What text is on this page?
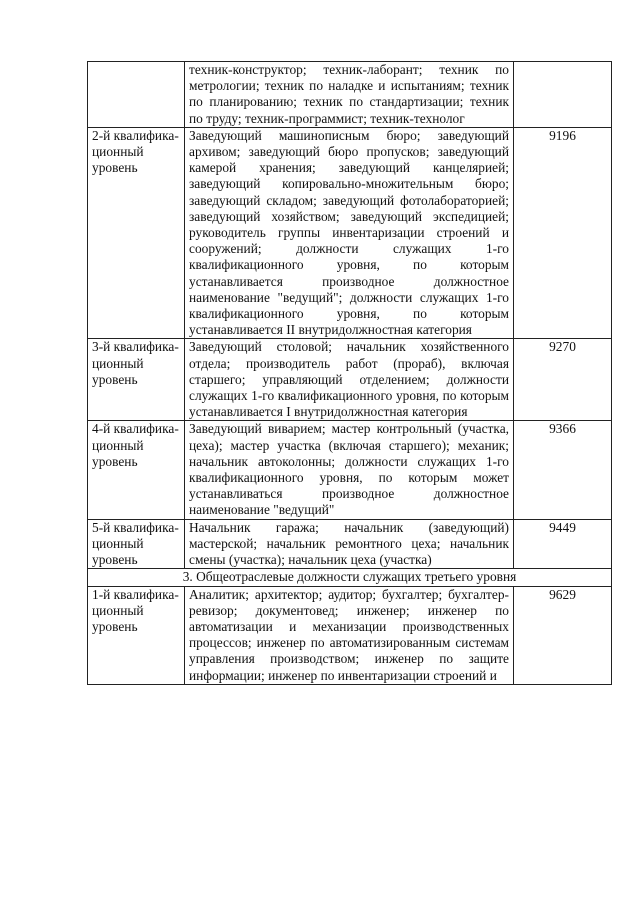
	техник-конструктор; техник-лаборант; техник по метрологии; техник по наладке и испытаниям; техник по планированию; техник по стандартизации; техник по труду; техник-программист; техник-технолог	
2-й квалифика-ционный уровень	Заведующий машинописным бюро; заведующий архивом; заведующий бюро пропусков; заведующий камерой хранения; заведующий канцелярией; заведующий копировально-множительным бюро; заведующий складом; заведующий фотолабораторией; заведующий хозяйством; заведующий экспедицией; руководитель группы инвентаризации строений и сооружений; должности служащих 1-го квалификационного уровня, по которым устанавливается производное должностное наименование "ведущий"; должности служащих 1-го квалификационного уровня, по которым устанавливается II внутридолжностная категория	9196
3-й квалифика-ционный уровень	Заведующий столовой; начальник хозяйственного отдела; производитель работ (прораб), включая старшего; управляющий отделением; должности служащих 1-го квалификационного уровня, по которым устанавливается I внутридолжностная категория	9270
4-й квалифика-ционный уровень	Заведующий виварием; мастер контрольный (участка, цеха); мастер участка (включая старшего); механик; начальник автоколонны; должности служащих 1-го квалификационного уровня, по которым может устанавливаться производное должностное наименование "ведущий"	9366
5-й квалифика-ционный уровень	Начальник гаража; начальник (заведующий) мастерской; начальник ремонтного цеха; начальник смены (участка); начальник цеха (участка)	9449
3. Общеотраслевые должности служащих третьего уровня		
1-й квалифика-ционный уровень	Аналитик; архитектор; аудитор; бухгалтер; бухгалтер-ревизор; документовед; инженер; инженер по автоматизации и механизации производственных процессов; инженер по автоматизированным системам управления производством; инженер по защите информации; инженер по инвентаризации строений и	9629
